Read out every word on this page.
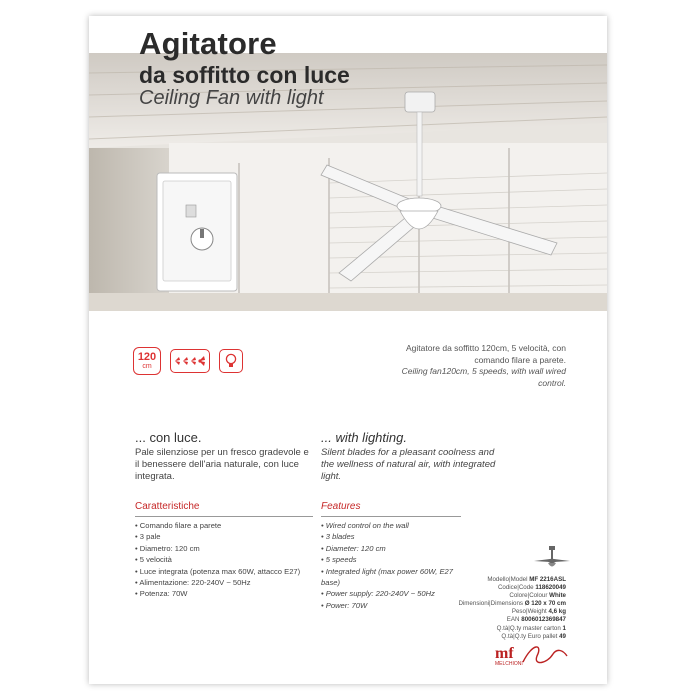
Agitatore
da soffitto con luce
Ceiling Fan with light
120
cm
Agitatore da soffitto 120cm, 5 velocità, con comando filare a parete.
Ceiling fan120cm, 5 speeds, with wall wired control.
... con luce.	... with lighting.
Pale silenziose per un fresco gradevole e il benessere dell'aria naturale, con luce integrata.
Silent blades for a pleasant coolness and the wellness of natural air, with integrated light.
Caratteristiche	Features
• Comando filare a parete
• 3 pale
• Diametro: 120 cm
• 5 velocità
• Luce integrata (potenza max 60W, attacco E27)
• Alimentazione: 220-240V ~ 50Hz
• Potenza: 70W
• Wired control on the wall
• 3 blades
• Diameter: 120 cm
• 5 speeds
• Integrated light (max power 60W, E27 base)
• Power supply: 220-240V ~ 50Hz
• Power: 70W
Modello|Model MF 2216ASL
Codice|Code 118620049
Colore|Colour White
Dimensioni|Dimensions Ø 120 x 70 cm
Peso|Weight 4,6 kg
EAN 8006012369847
Q.tà|Q.ty master carton 1
Q.tà|Q.ty Euro pallet 49
mf
MELCHIONI
